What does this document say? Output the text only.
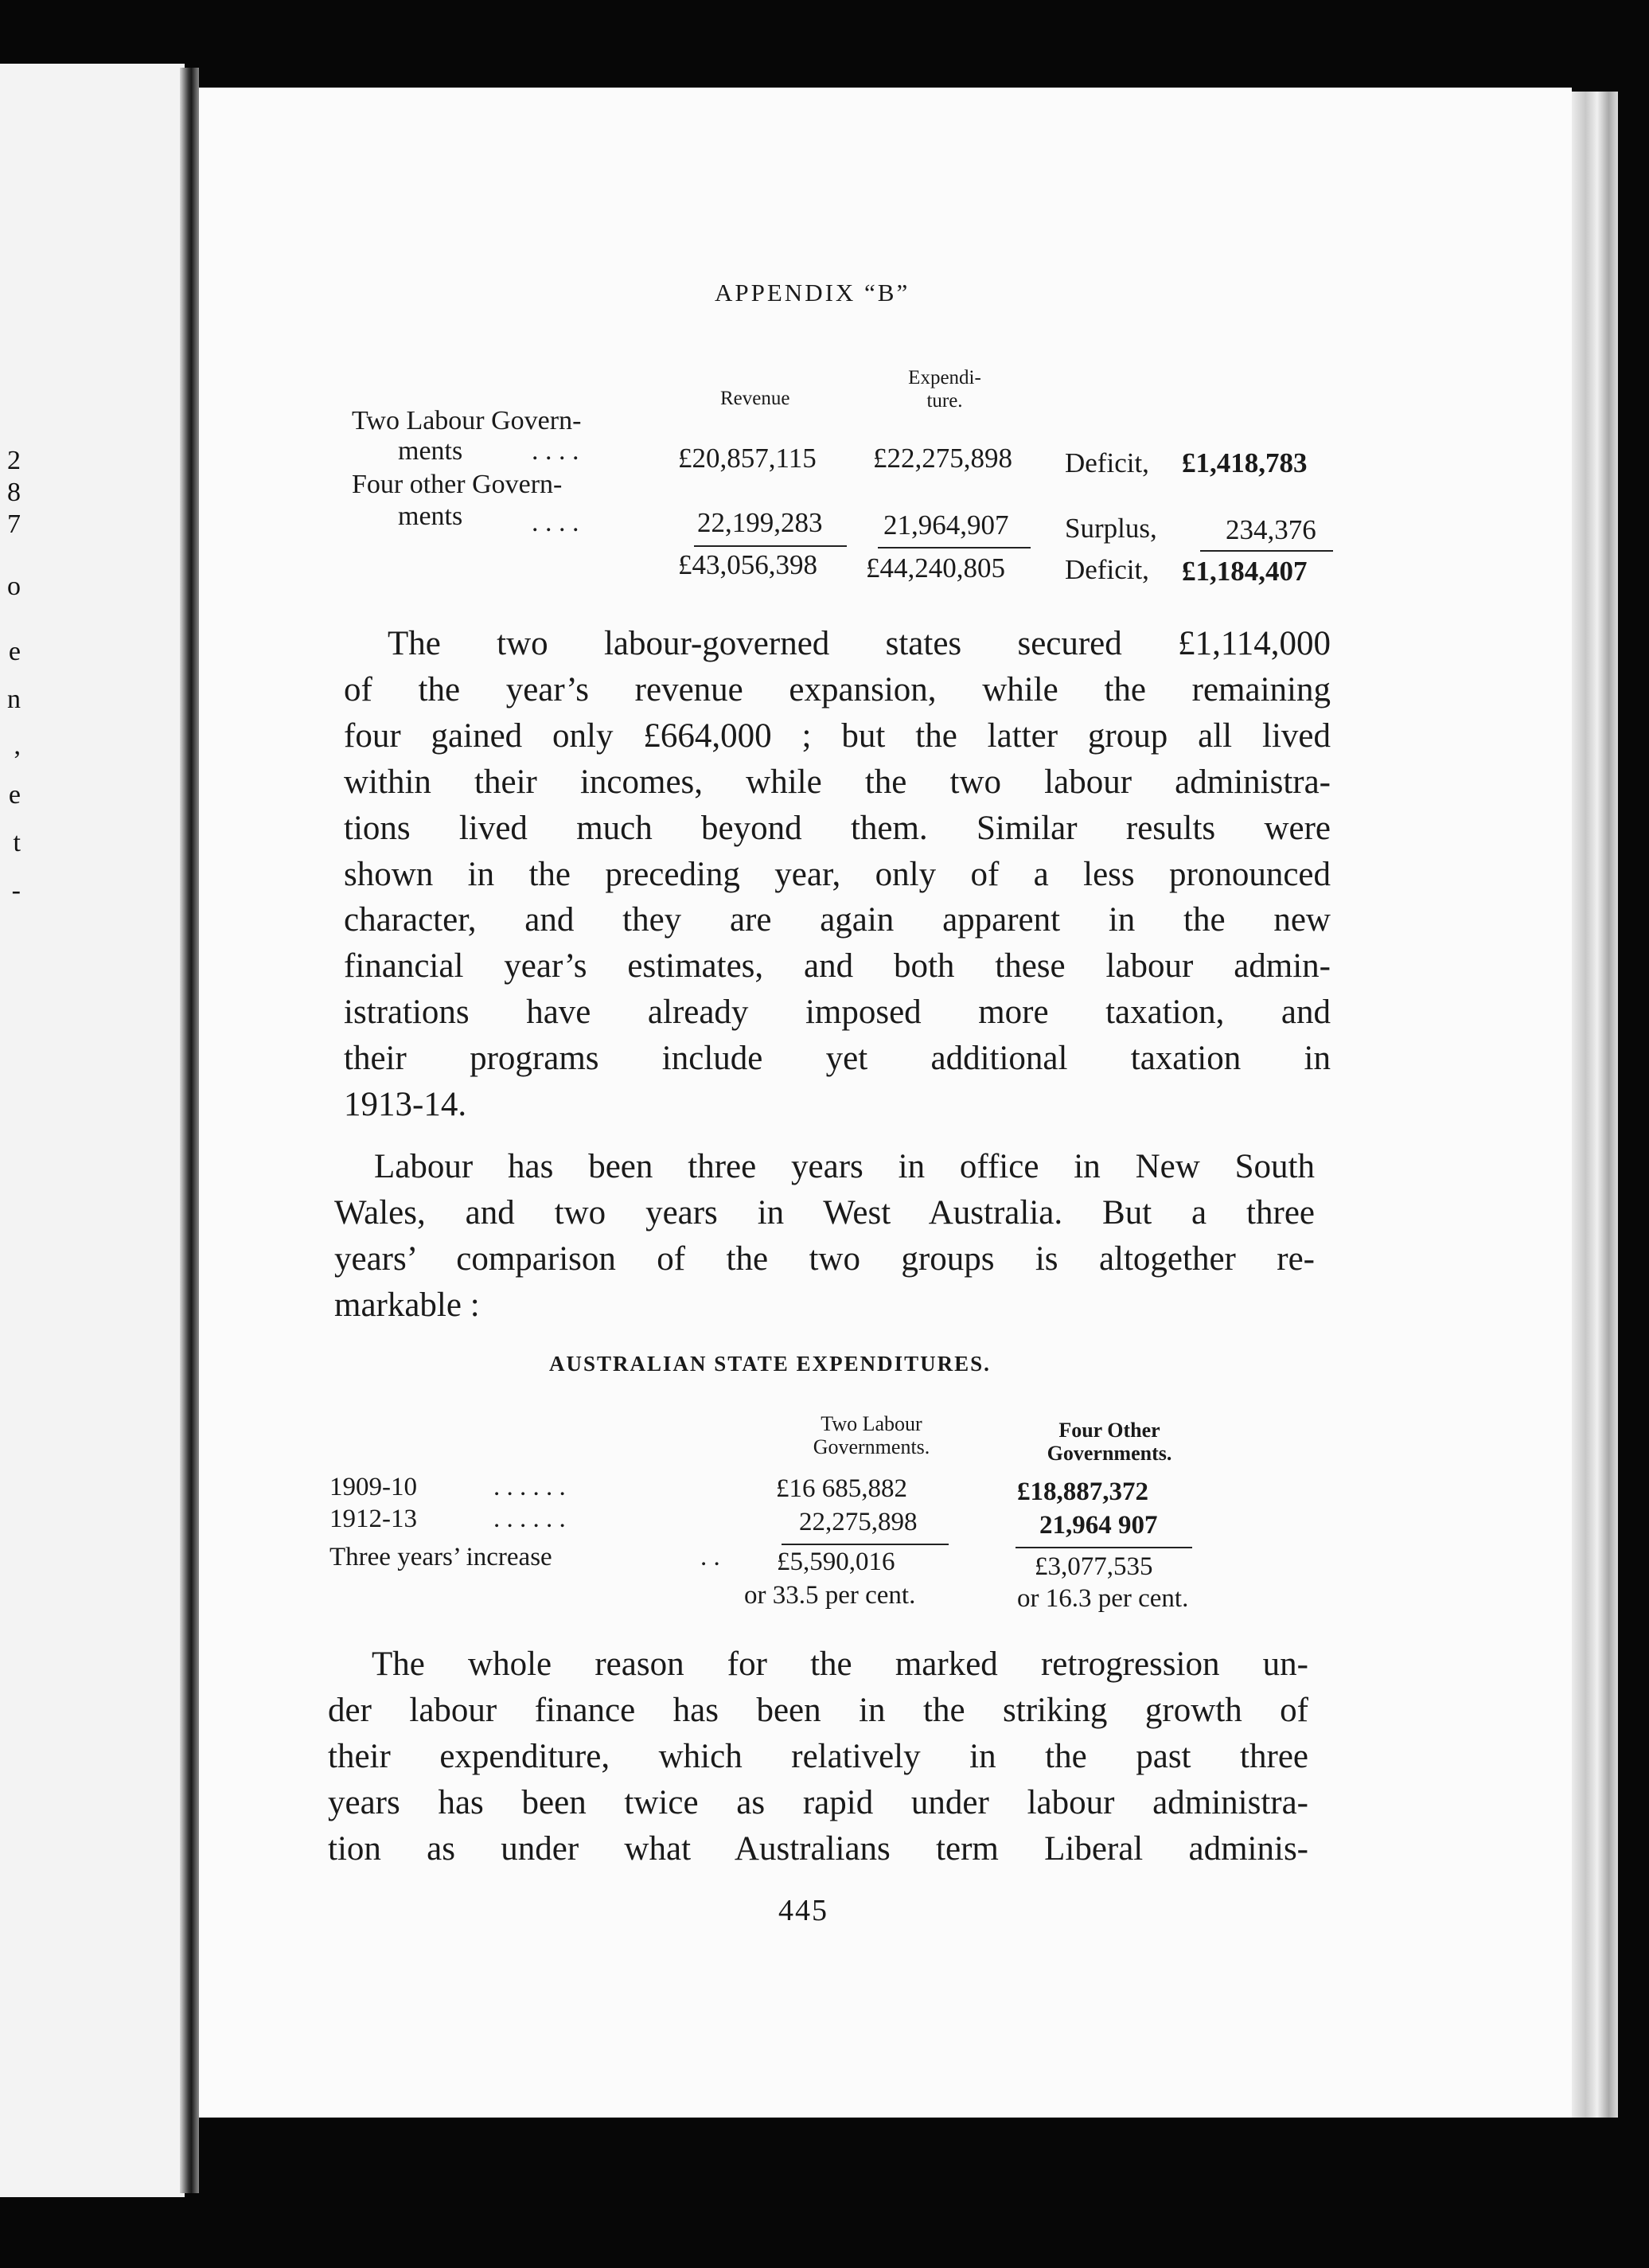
2
8
7
o
e
n
,
e
t
-
APPENDIX “B”
Revenue
Expendi-
ture.
Two Labour Govern-
ments	. . . .	£20,857,115 £22,275,898 Deficit, £1,418,783
Four other Govern-
ments	. . . .	22,199,283 21,964,907 Surplus, 234,376
£43,056,398 £44,240,805 Deficit, £1,184,407
The two labour-governed states secured £1,114,000
of the year’s revenue expansion, while the remaining
four gained only £664,000 ; but the latter group all lived
within their incomes, while the two labour administra-
tions lived much beyond them. Similar results were
shown in the preceding year, only of a less pronounced
character, and they are again apparent in the new
financial year’s estimates, and both these labour admin-
istrations have already imposed more taxation, and
their programs include yet additional taxation in
1913-14.
Labour has been three years in office in New South
Wales, and two years in West Australia. But a three
years’ comparison of the two groups is altogether re-
markable :
AUSTRALIAN STATE EXPENDITURES.
Two Labour
Governments.
Four Other
Governments.
1909-10	. . . . . .	£16 685,882	£18,887,372
1912-13	. . . . . .	22,275,898	21,964 907
Three years’ increase	. . £5,590,016	£3,077,535
or 33.5 per cent.	or 16.3 per cent.
The whole reason for the marked retrogression un-
der labour finance has been in the striking growth of
their expenditure, which relatively in the past three
years has been twice as rapid under labour administra-
tion as under what Australians term Liberal adminis-
445
